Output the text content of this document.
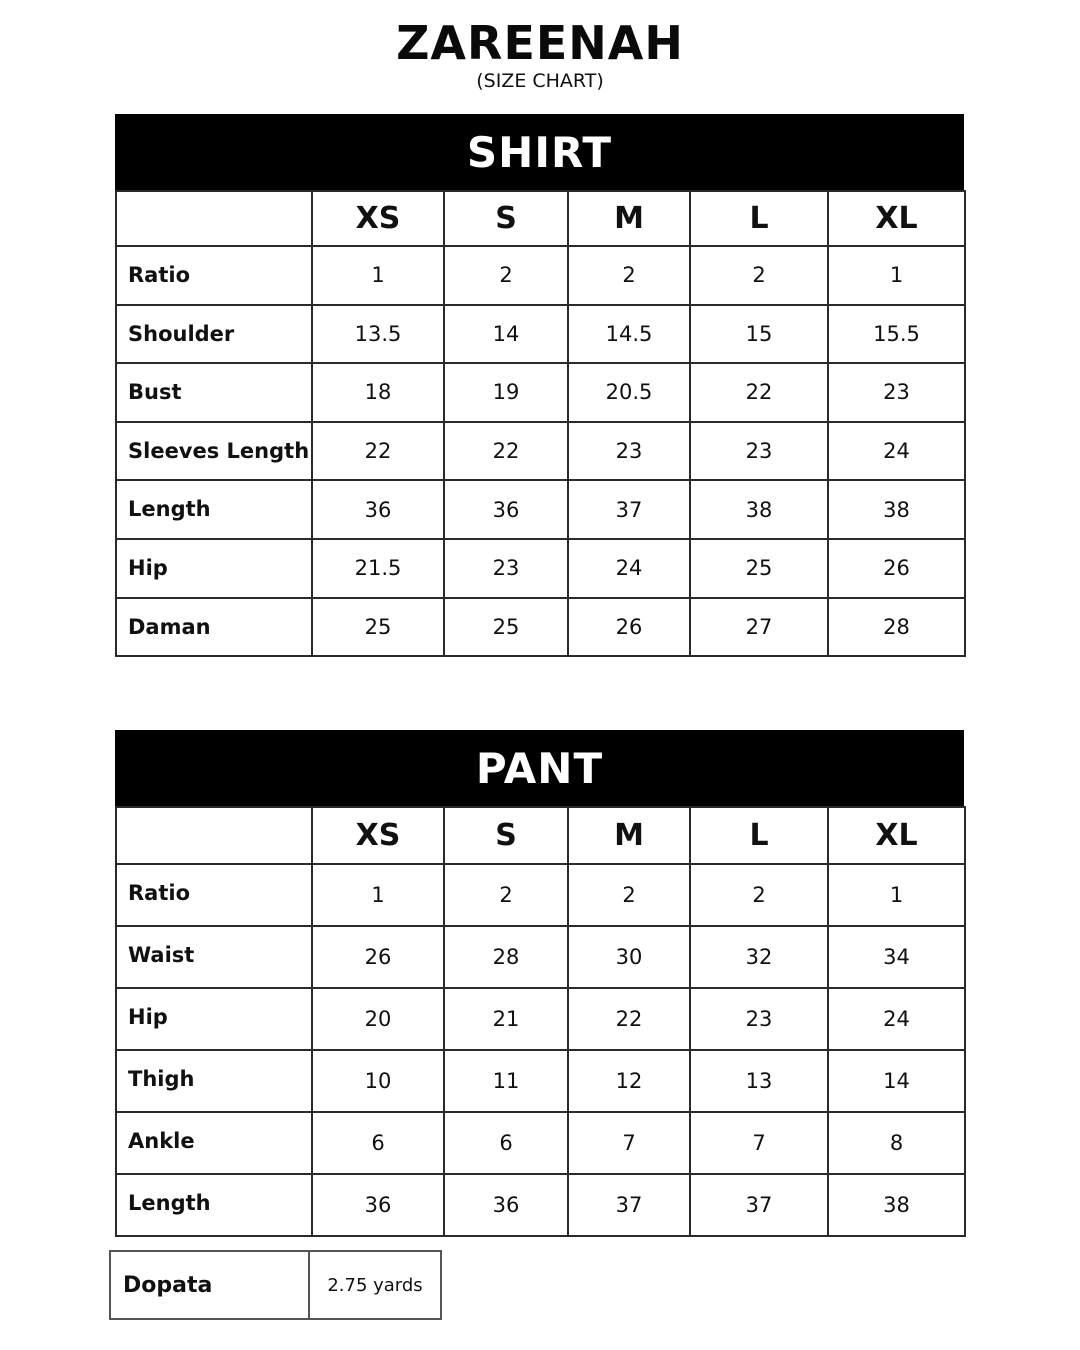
ZAREENAH
(SIZE CHART)
SHIRT
	XS	S	M	L	XL
Ratio	1	2	2	2	1
Shoulder	13.5	14	14.5	15	15.5
Bust	18	19	20.5	22	23
Sleeves Length	22	22	23	23	24
Length	36	36	37	38	38
Hip	21.5	23	24	25	26
Daman	25	25	26	27	28
PANT
	XS	S	M	L	XL
Ratio	1	2	2	2	1
Waist	26	28	30	32	34
Hip	20	21	22	23	24
Thigh	10	11	12	13	14
Ankle	6	6	7	7	8
Length	36	36	37	37	38
Dopata	2.75 yards
